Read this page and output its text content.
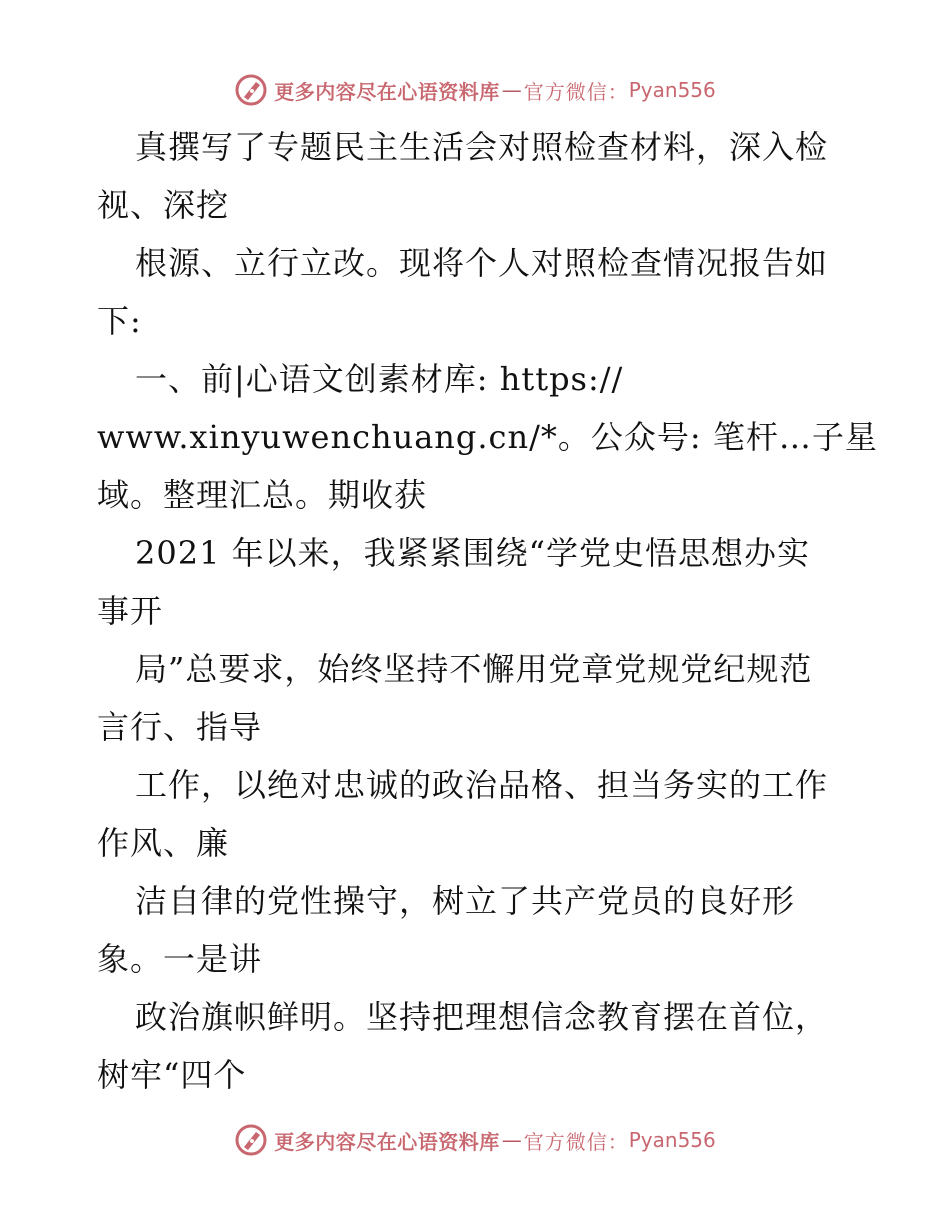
更多内容尽在心语资料库 — 官方微信： Pyan556
真撰写了专题民主生活会对照检查材料，深入检
视、深挖
根源、立行立改。现将个人对照检查情况报告如
下:
一、前|心语文创素材库: https://
www.xinyuwenchuang.cn/*。公众号: 笔杆…子星
域。整理汇总。期收获
2021 年以来，我紧紧围绕“学党史悟思想办实
事开
局”总要求，始终坚持不懈用党章党规党纪规范
言行、指导
工作，以绝对忠诚的政治品格、担当务实的工作
作风、廉
洁自律的党性操守，树立了共产党员的良好形
象。一是讲
政治旗帜鲜明。坚持把理想信念教育摆在首位，
树牢“四个
更多内容尽在心语资料库 — 官方微信： Pyan556
